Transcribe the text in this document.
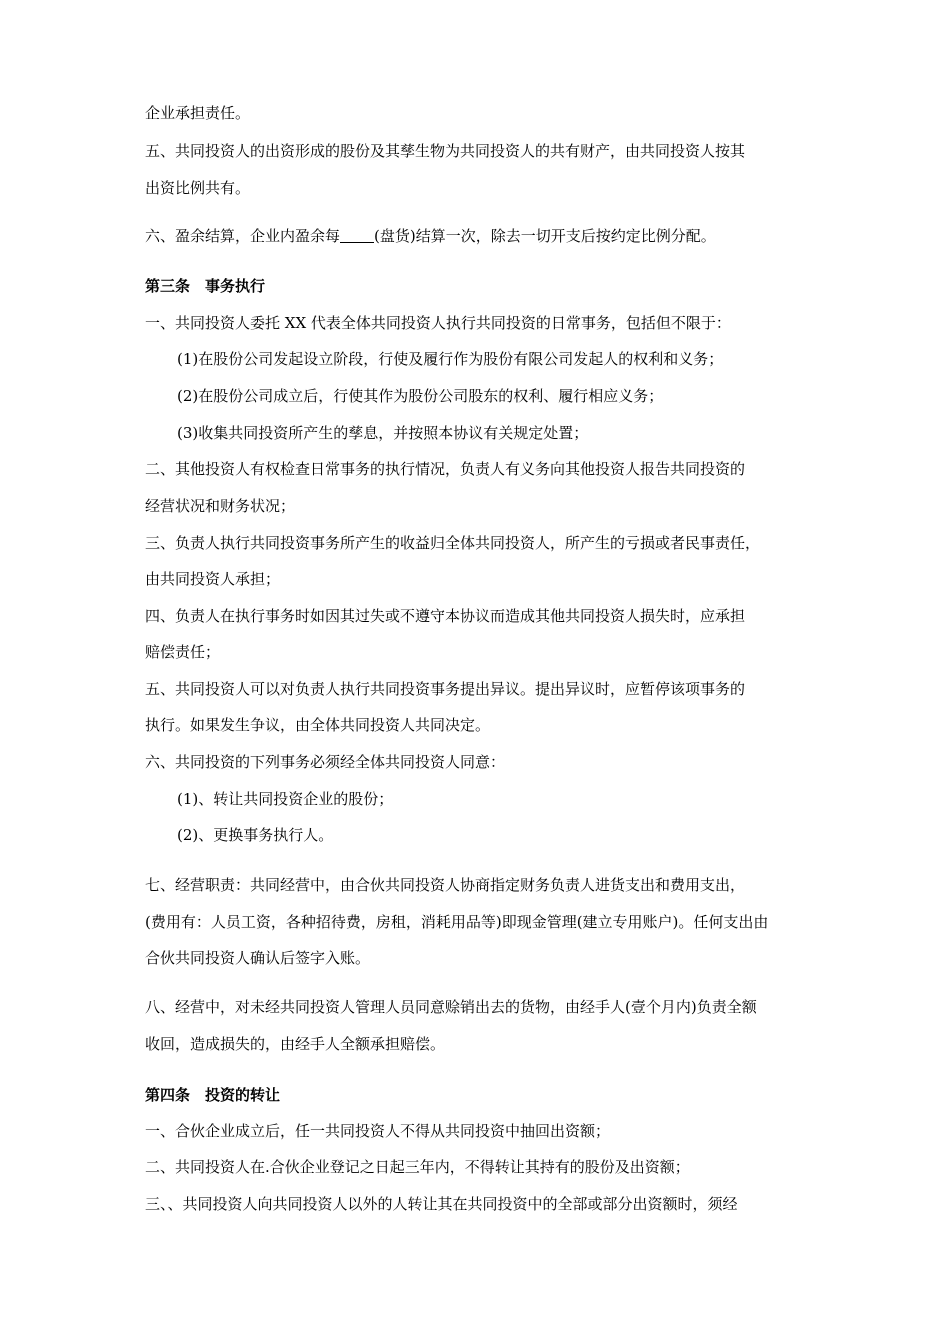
企业承担责任。
五、共同投资人的出资形成的股份及其孳生物为共同投资人的共有财产，由共同投资人按其
出资比例共有。
六、盈余结算，企业内盈余每 (盘货)结算一次，除去一切开支后按约定比例分配。
第三条　事务执行
一、共同投资人委托 XX 代表全体共同投资人执行共同投资的日常事务，包括但不限于：
(1)在股份公司发起设立阶段，行使及履行作为股份有限公司发起人的权利和义务；
(2)在股份公司成立后，行使其作为股份公司股东的权利、履行相应义务；
(3)收集共同投资所产生的孳息，并按照本协议有关规定处置；
二、其他投资人有权检查日常事务的执行情况，负责人有义务向其他投资人报告共同投资的
经营状况和财务状况；
三、负责人执行共同投资事务所产生的收益归全体共同投资人，所产生的亏损或者民事责任，
由共同投资人承担；
四、负责人在执行事务时如因其过失或不遵守本协议而造成其他共同投资人损失时，应承担
赔偿责任；
五、共同投资人可以对负责人执行共同投资事务提出异议。提出异议时，应暂停该项事务的
执行。如果发生争议，由全体共同投资人共同决定。
六、共同投资的下列事务必须经全体共同投资人同意：
(1)、转让共同投资企业的股份；
(2)、更换事务执行人。
七、经营职责：共同经营中，由合伙共同投资人协商指定财务负责人进货支出和费用支出，
(费用有：人员工资，各种招待费，房租，消耗用品等)即现金管理(建立专用账户)。任何支出由
合伙共同投资人确认后签字入账。
八、经营中，对未经共同投资人管理人员同意赊销出去的货物，由经手人(壹个月内)负责全额
收回，造成损失的，由经手人全额承担赔偿。
第四条　投资的转让
一、合伙企业成立后，任一共同投资人不得从共同投资中抽回出资额；
二、共同投资人在.合伙企业登记之日起三年内，不得转让其持有的股份及出资额；
三、、共同投资人向共同投资人以外的人转让其在共同投资中的全部或部分出资额时，须经
